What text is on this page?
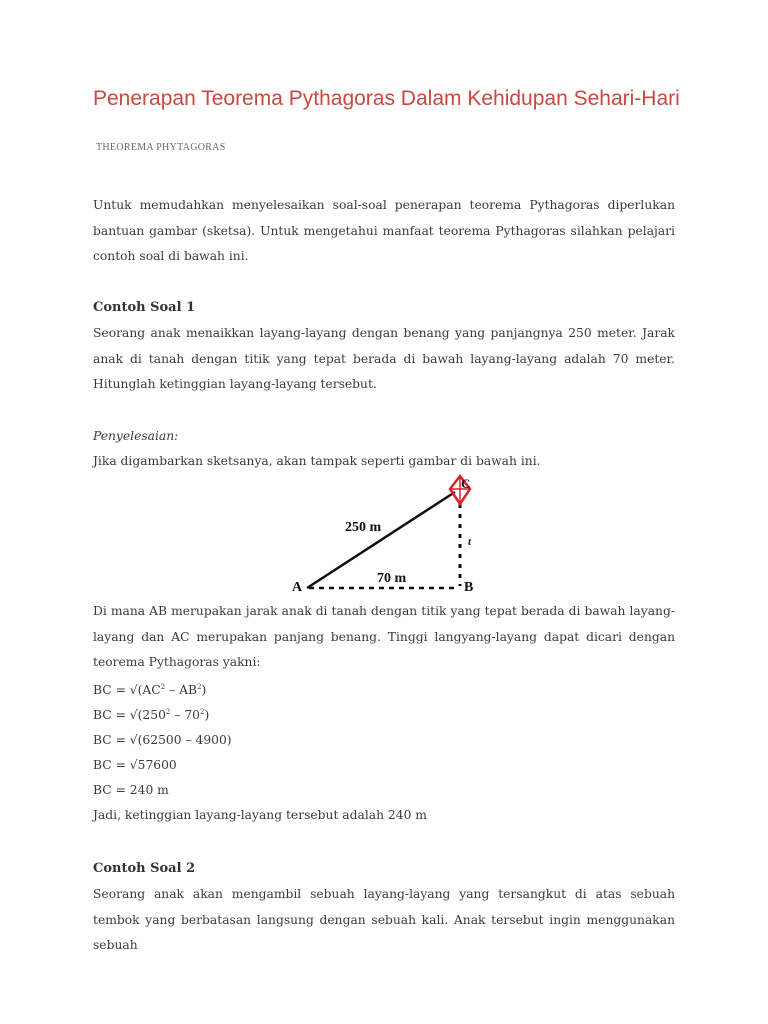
Penerapan Teorema Pythagoras Dalam Kehidupan Sehari-Hari
THEOREMA PHYTAGORAS

Untuk memudahkan menyelesaikan soal-soal penerapan teorema Pythagoras diperlukan bantuan gambar (sketsa). Untuk mengetahui manfaat teorema Pythagoras silahkan pelajari contoh soal di bawah ini.

Contoh Soal 1

Seorang anak menaikkan layang-layang dengan benang yang panjangnya 250 meter. Jarak anak di tanah dengan titik yang tepat berada di bawah layang-layang adalah 70 meter. Hitunglah ketinggian layang-layang tersebut.

Penyelesaian:
Jika digambarkan sketsanya, akan tampak seperti gambar di bawah ini.
A	B
C
250 m
70 m
t

Di mana AB merupakan jarak anak di tanah dengan titik yang tepat berada di bawah layang-layang dan AC merupakan panjang benang. Tinggi langyang-layang dapat dicari dengan teorema Pythagoras yakni:

BC = $√(AC^2 - AB^2)$
BC = $√(250^2 - 70^2)$
BC = √(62500 – 4900)
BC = √57600
BC = 240 m
Jadi, ketinggian layang-layang tersebut adalah 240 m
Contoh Soal 2

Seorang anak akan mengambil sebuah layang-layang yang tersangkut di atas sebuah tembok yang berbatasan langsung dengan sebuah kali. Anak tersebut ingin menggunakan sebuah
